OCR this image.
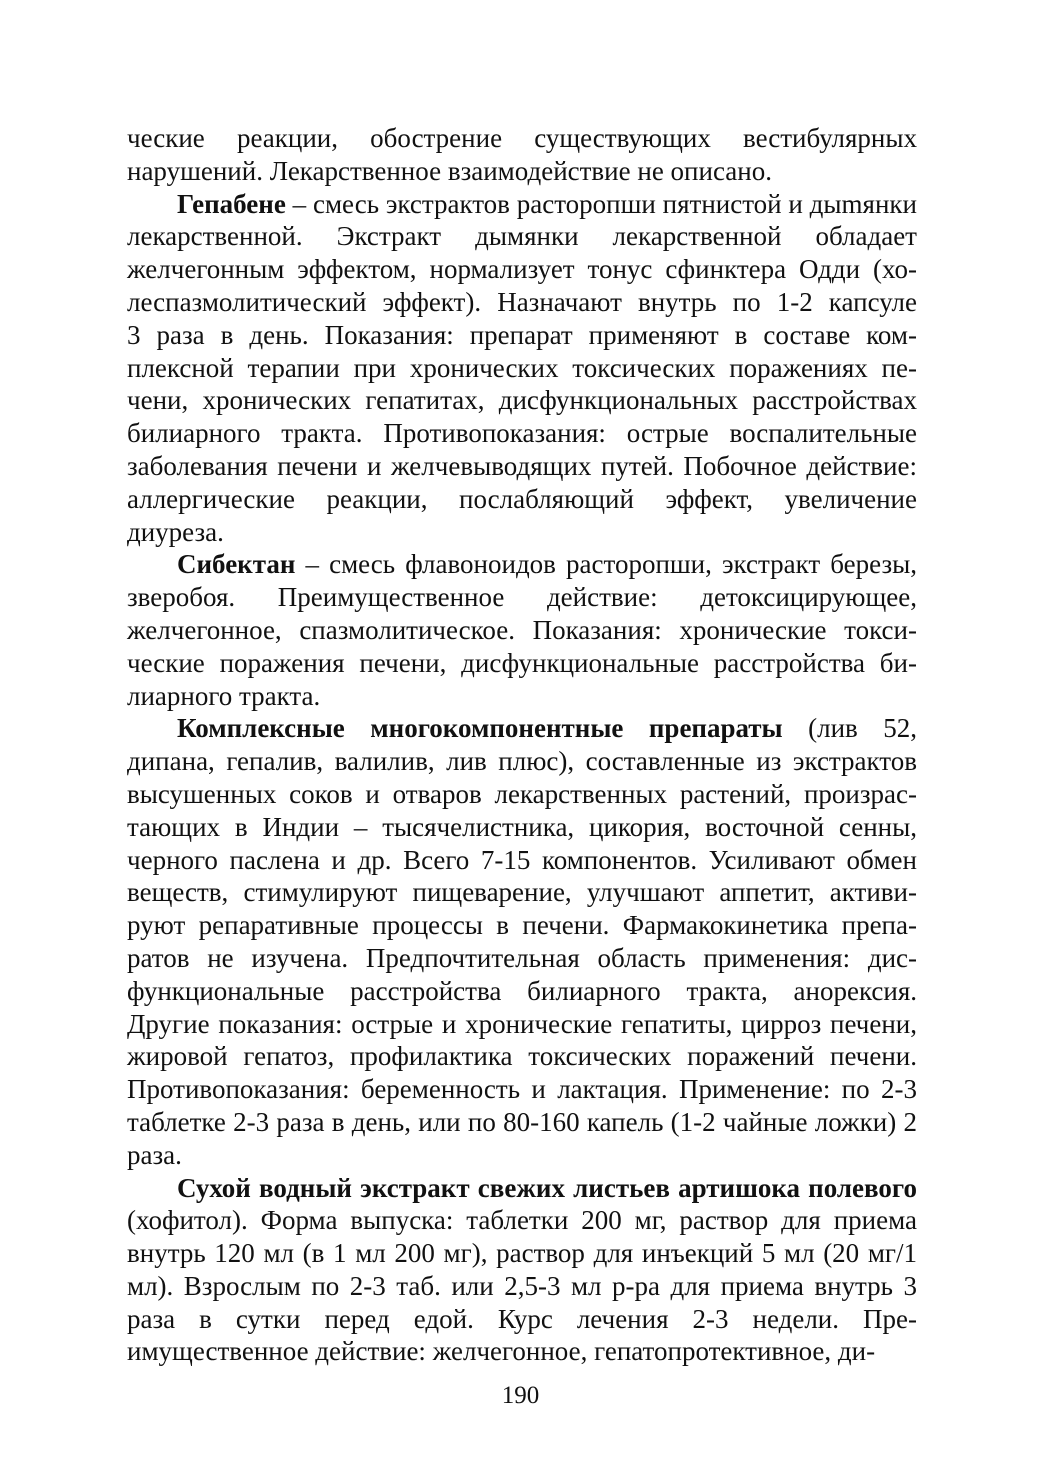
ческие реакции, обострение существующих вестибулярных нарушений. Лекарственное взаимодействие не описано.

Гепабене – смесь экстрактов расторопши пятнистой и дыmянки лекарственной. Экстракт дымянки лекарственной обладает желчегонным эффектом, нормализует тонус сфинктера Одди (холеспазмолитический эффект). Назначают внутрь по 1-2 капсуле 3 раза в день. Показания: препарат применяют в составе комплексной терапии при хронических токсических поражениях печени, хронических гепатитах, дисфункциональных расстройствах билиарного тракта. Противопоказания: острые воспалительные заболевания печени и желчевыводящих путей. Побочное действие: аллергические реакции, послабляющий эффект, увеличение диуреза.

Сибектан – смесь флавоноидов расторопши, экстракт березы, зверобоя. Преимущественное действие: детоксицирующее, желчегонное, спазмолитическое. Показания: хронические токсические поражения печени, дисфункциональные расстройства билиарного тракта.

Комплексные многокомпонентные препараты (лив 52, дипана, гепалив, валилив, лив плюс), составленные из экстрактов высушенных соков и отваров лекарственных растений, произрастающих в Индии – тысячелистника, цикория, восточной сенны, черного паслена и др. Всего 7-15 компонентов. Усиливают обмен веществ, стимулируют пищеварение, улучшают аппетит, активируют репаративные процессы в печени. Фармакокинетика препаратов не изучена. Предпочтительная область применения: дисфункциональные расстройства билиарного тракта, анорексия. Другие показания: острые и хронические гепатиты, цирроз печени, жировой гепатоз, профилактика токсических поражений печени. Противопоказания: беременность и лактация. Применение: по 2-3 таблетке 2-3 раза в день, или по 80-160 капель (1-2 чайные ложки) 2 раза.

Сухой водный экстракт свежих листьев артишока полевого (хофитол). Форма выпуска: таблетки 200 мг, раствор для приема внутрь 120 мл (в 1 мл 200 мг), раствор для инъекций 5 мл (20 мг/1 мл). Взрослым по 2-3 таб. или 2,5-3 мл р-ра для приема внутрь 3 раза в сутки перед едой. Курс лечения 2-3 недели. Преимущественное действие: желчегонное, гепатопротективное, ди-

190
